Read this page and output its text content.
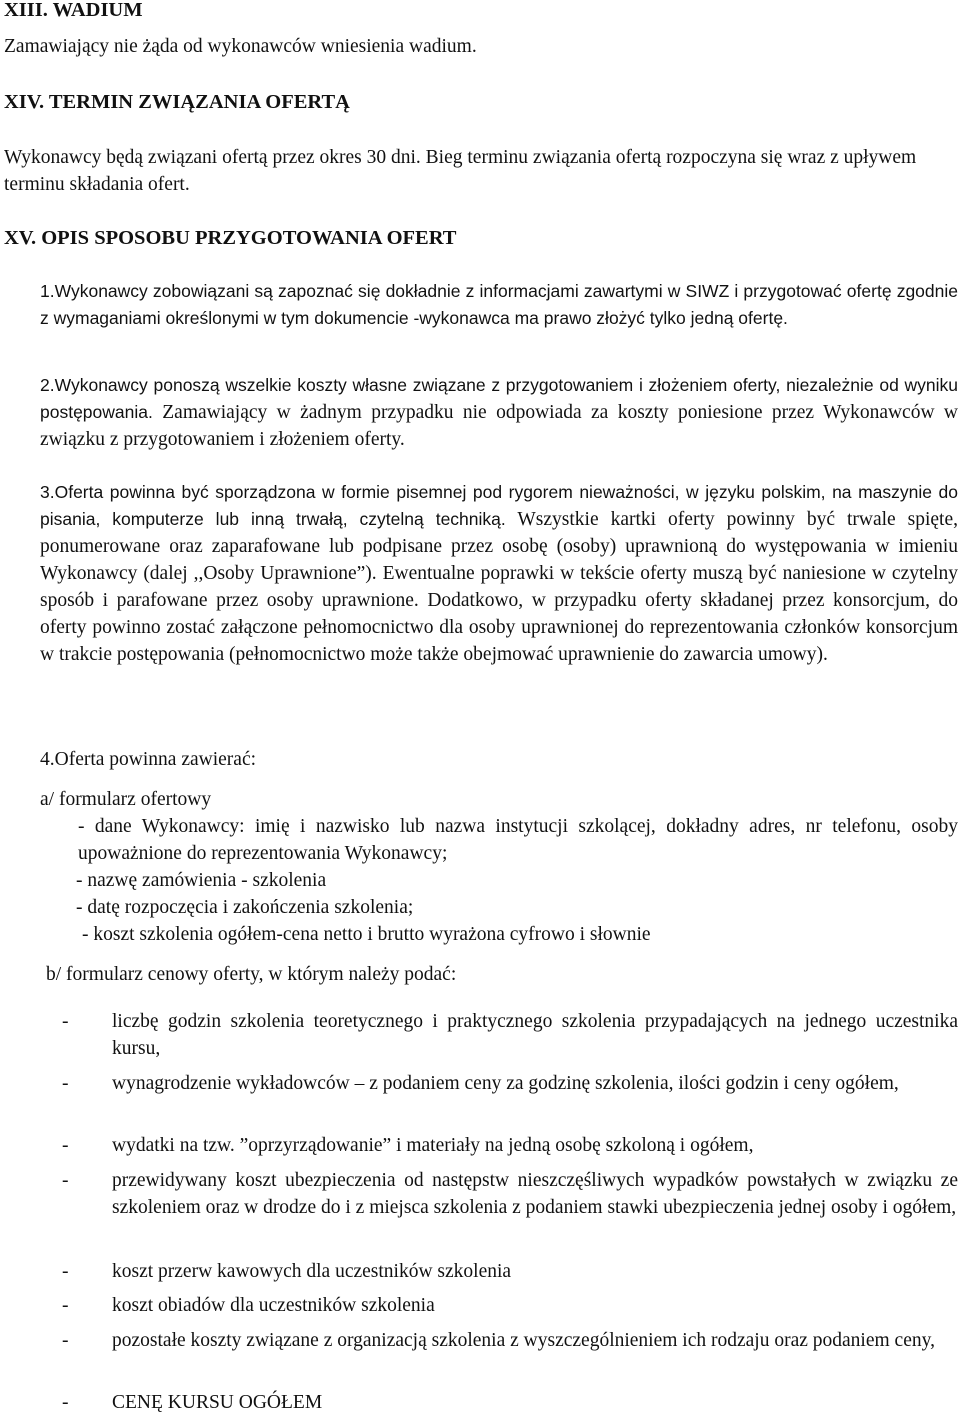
XIII. WADIUM

Zamawiający nie żąda od wykonawców wniesienia wadium.

XIV. TERMIN ZWIĄZANIA OFERTĄ

Wykonawcy będą związani ofertą przez okres 30 dni. Bieg terminu związania ofertą rozpoczyna się wraz z upływem terminu składania ofert.

XV. OPIS SPOSOBU PRZYGOTOWANIA OFERT

1.Wykonawcy zobowiązani są zapoznać się dokładnie z informacjami zawartymi w SIWZ i przygotować ofertę zgodnie z wymaganiami określonymi w tym dokumencie -wykonawca ma prawo złożyć tylko jedną ofertę.

2.Wykonawcy ponoszą wszelkie koszty własne związane z przygotowaniem i złożeniem oferty, niezależnie od wyniku postępowania. Zamawiający w żadnym przypadku nie odpowiada za koszty poniesione przez Wykonawców w związku z przygotowaniem i złożeniem oferty.

3.Oferta powinna być sporządzona w formie pisemnej pod rygorem nieważności, w języku polskim, na maszynie do pisania, komputerze lub inną trwałą, czytelną techniką. Wszystkie kartki oferty powinny być trwale spięte, ponumerowane oraz zaparafowane lub podpisane przez osobę (osoby) uprawnioną do występowania w imieniu Wykonawcy (dalej ,,Osoby Uprawnione”). Ewentualne poprawki w tekście oferty muszą być naniesione w czytelny sposób i parafowane przez osoby uprawnione. Dodatkowo, w przypadku oferty składanej przez konsorcjum, do oferty powinno zostać załączone pełnomocnictwo dla osoby uprawnionej do reprezentowania członków konsorcjum w trakcie postępowania (pełnomocnictwo może także obejmować uprawnienie do zawarcia umowy).

4.Oferta powinna zawierać:

a/ formularz ofertowy

- dane Wykonawcy: imię i nazwisko lub nazwa instytucji szkolącej, dokładny adres, nr telefonu, osoby upoważnione do reprezentowania Wykonawcy;

- nazwę zamówienia - szkolenia

- datę rozpoczęcia i zakończenia szkolenia;

- koszt szkolenia ogółem-cena netto i brutto wyrażona cyfrowo i słownie

b/ formularz cenowy oferty, w którym należy podać:

- liczbę godzin szkolenia teoretycznego i praktycznego szkolenia przypadających na jednego uczestnika kursu,
- wynagrodzenie wykładowców – z podaniem ceny za godzinę szkolenia, ilości godzin i ceny ogółem,
- wydatki na tzw. ”oprzyrządowanie” i materiały na jedną osobę szkoloną i ogółem,
- przewidywany koszt ubezpieczenia od następstw nieszczęśliwych wypadków powstałych w związku ze szkoleniem oraz w drodze do i z miejsca szkolenia z podaniem stawki ubezpieczenia jednej osoby i ogółem,
- koszt przerw kawowych dla uczestników szkolenia
- koszt obiadów dla uczestników szkolenia
- pozostałe koszty związane z organizacją szkolenia z wyszczególnieniem ich rodzaju oraz podaniem ceny,
- CENĘ KURSU OGÓŁEM
